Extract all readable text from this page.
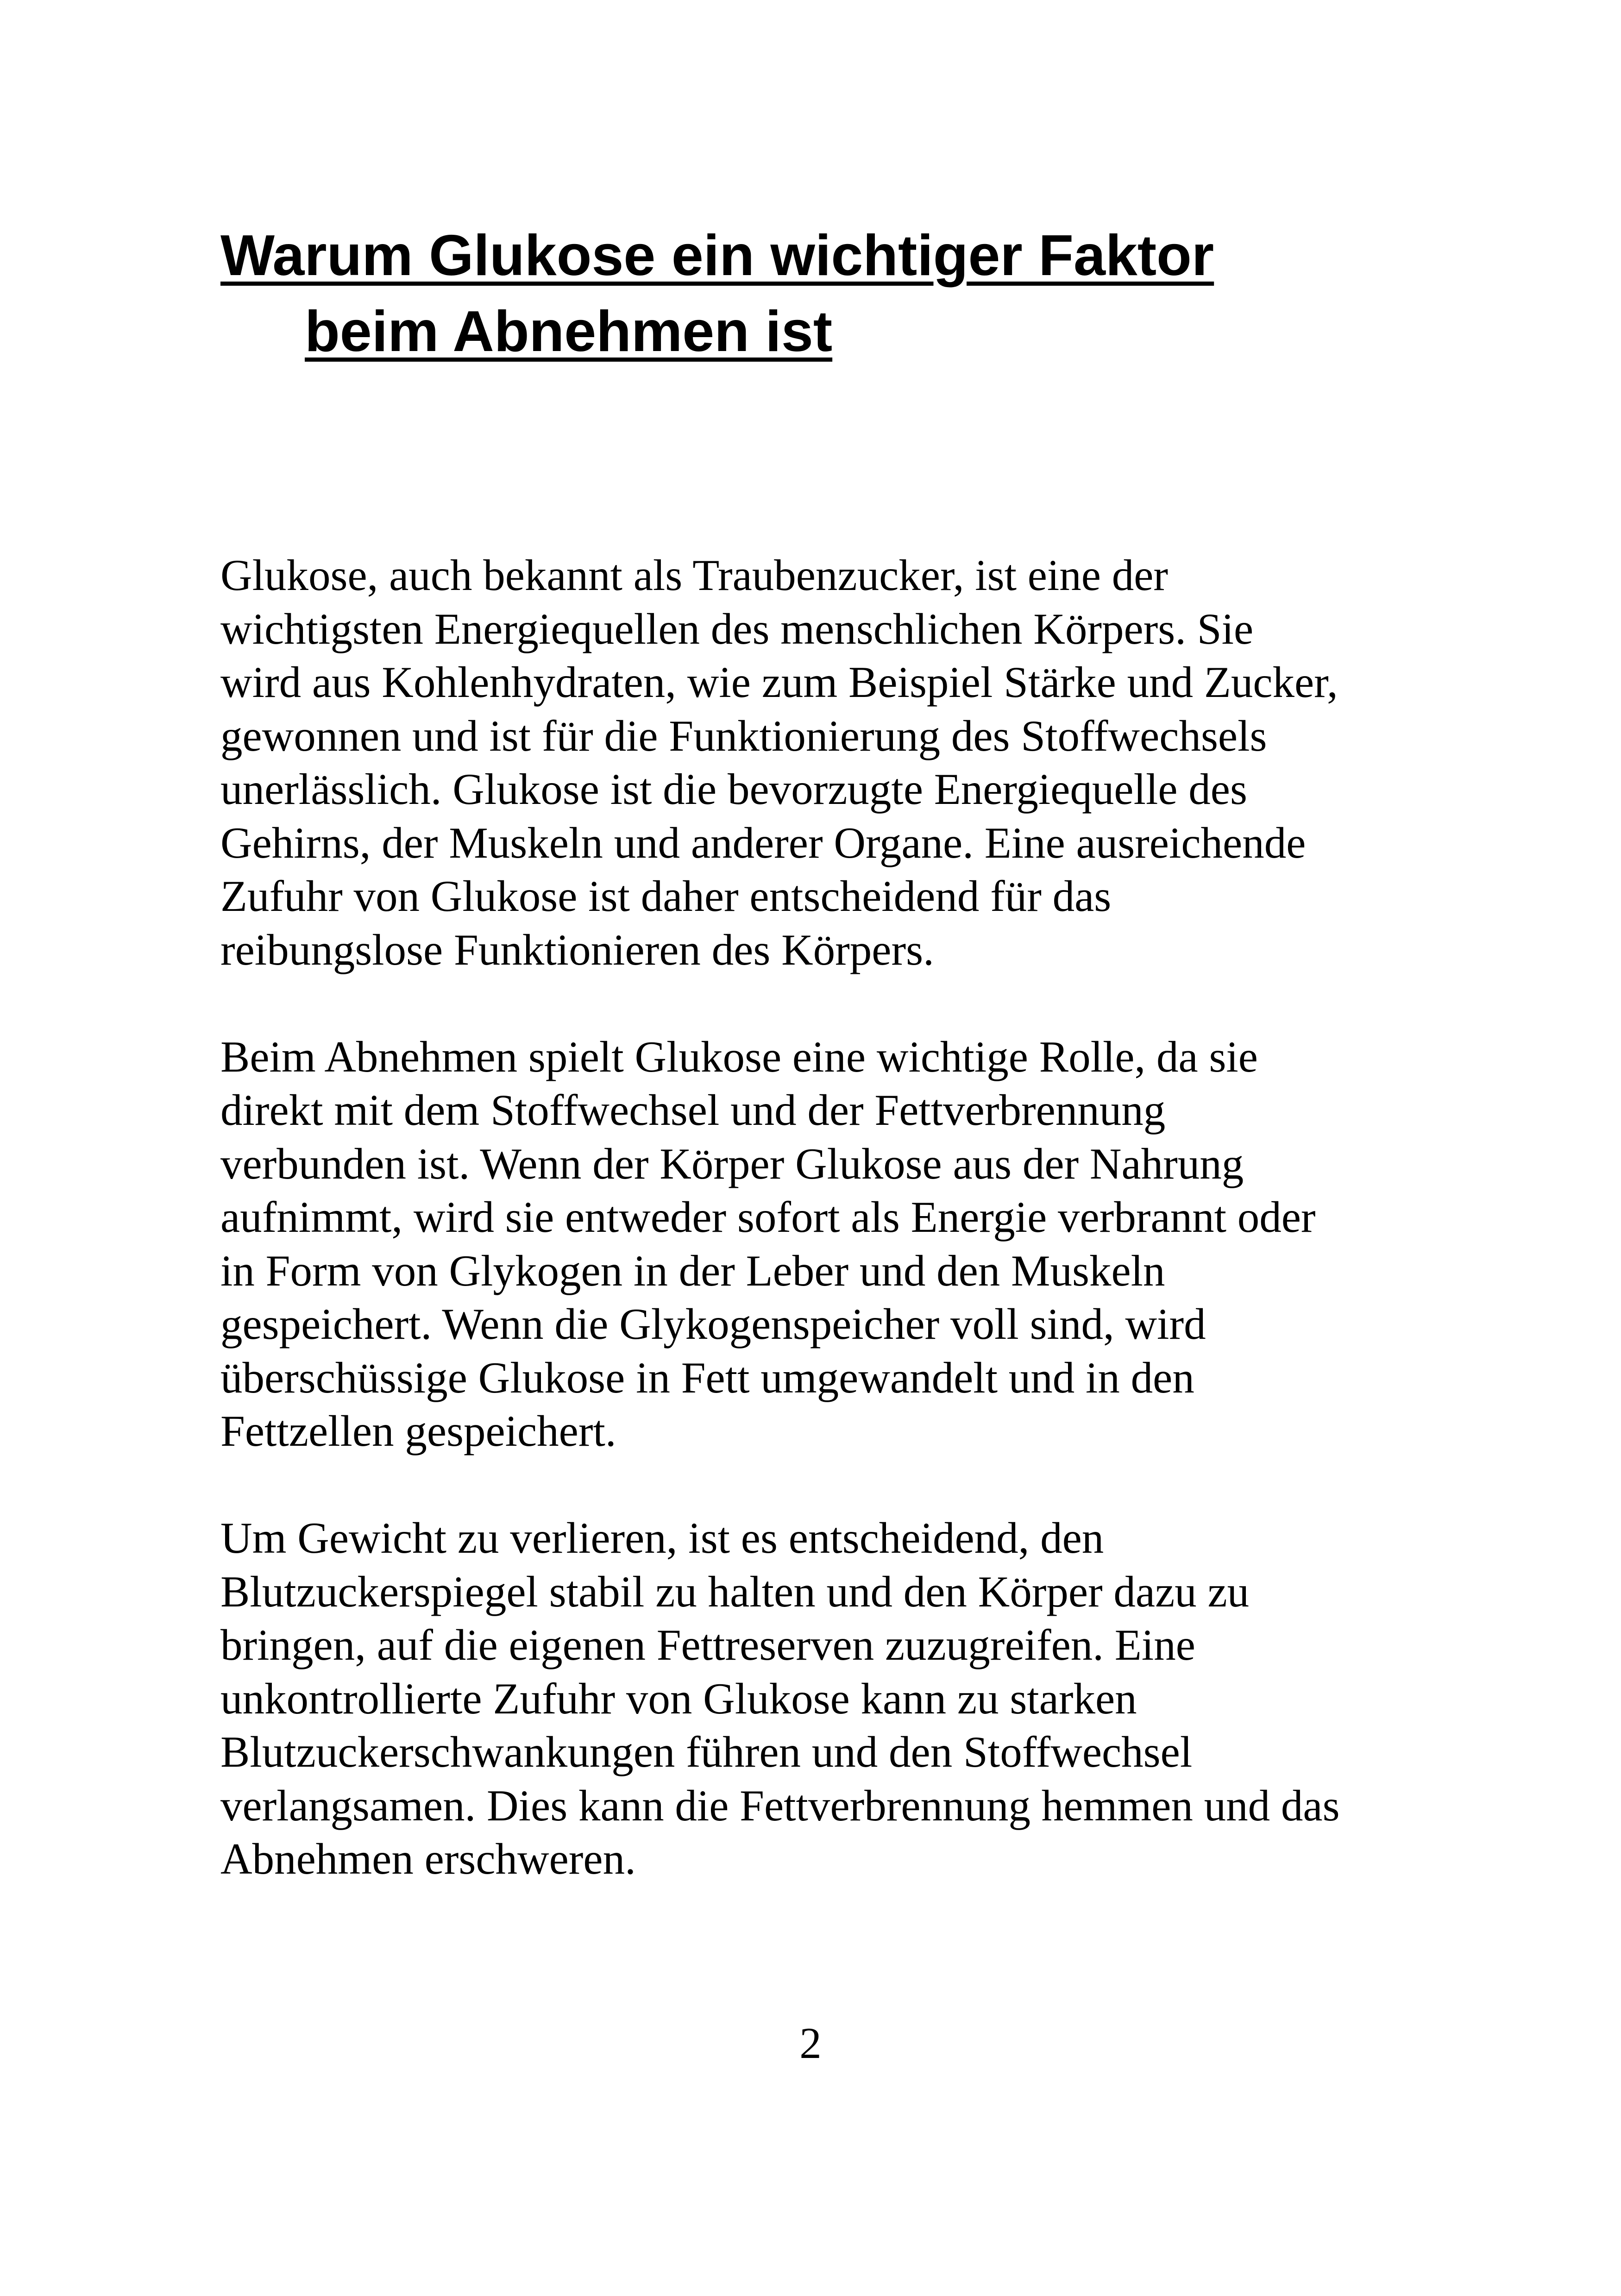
Warum Glukose ein wichtiger Faktor
beim Abnehmen ist

Glukose, auch bekannt als Traubenzucker, ist eine der
wichtigsten Energiequellen des menschlichen Körpers. Sie
wird aus Kohlenhydraten, wie zum Beispiel Stärke und Zucker,
gewonnen und ist für die Funktionierung des Stoffwechsels
unerlässlich. Glukose ist die bevorzugte Energiequelle des
Gehirns, der Muskeln und anderer Organe. Eine ausreichende
Zufuhr von Glukose ist daher entscheidend für das
reibungslose Funktionieren des Körpers.

Beim Abnehmen spielt Glukose eine wichtige Rolle, da sie
direkt mit dem Stoffwechsel und der Fettverbrennung
verbunden ist. Wenn der Körper Glukose aus der Nahrung
aufnimmt, wird sie entweder sofort als Energie verbrannt oder
in Form von Glykogen in der Leber und den Muskeln
gespeichert. Wenn die Glykogenspeicher voll sind, wird
überschüssige Glukose in Fett umgewandelt und in den
Fettzellen gespeichert.

Um Gewicht zu verlieren, ist es entscheidend, den
Blutzuckerspiegel stabil zu halten und den Körper dazu zu
bringen, auf die eigenen Fettreserven zuzugreifen. Eine
unkontrollierte Zufuhr von Glukose kann zu starken
Blutzuckerschwankungen führen und den Stoffwechsel
verlangsamen. Dies kann die Fettverbrennung hemmen und das
Abnehmen erschweren.

2
